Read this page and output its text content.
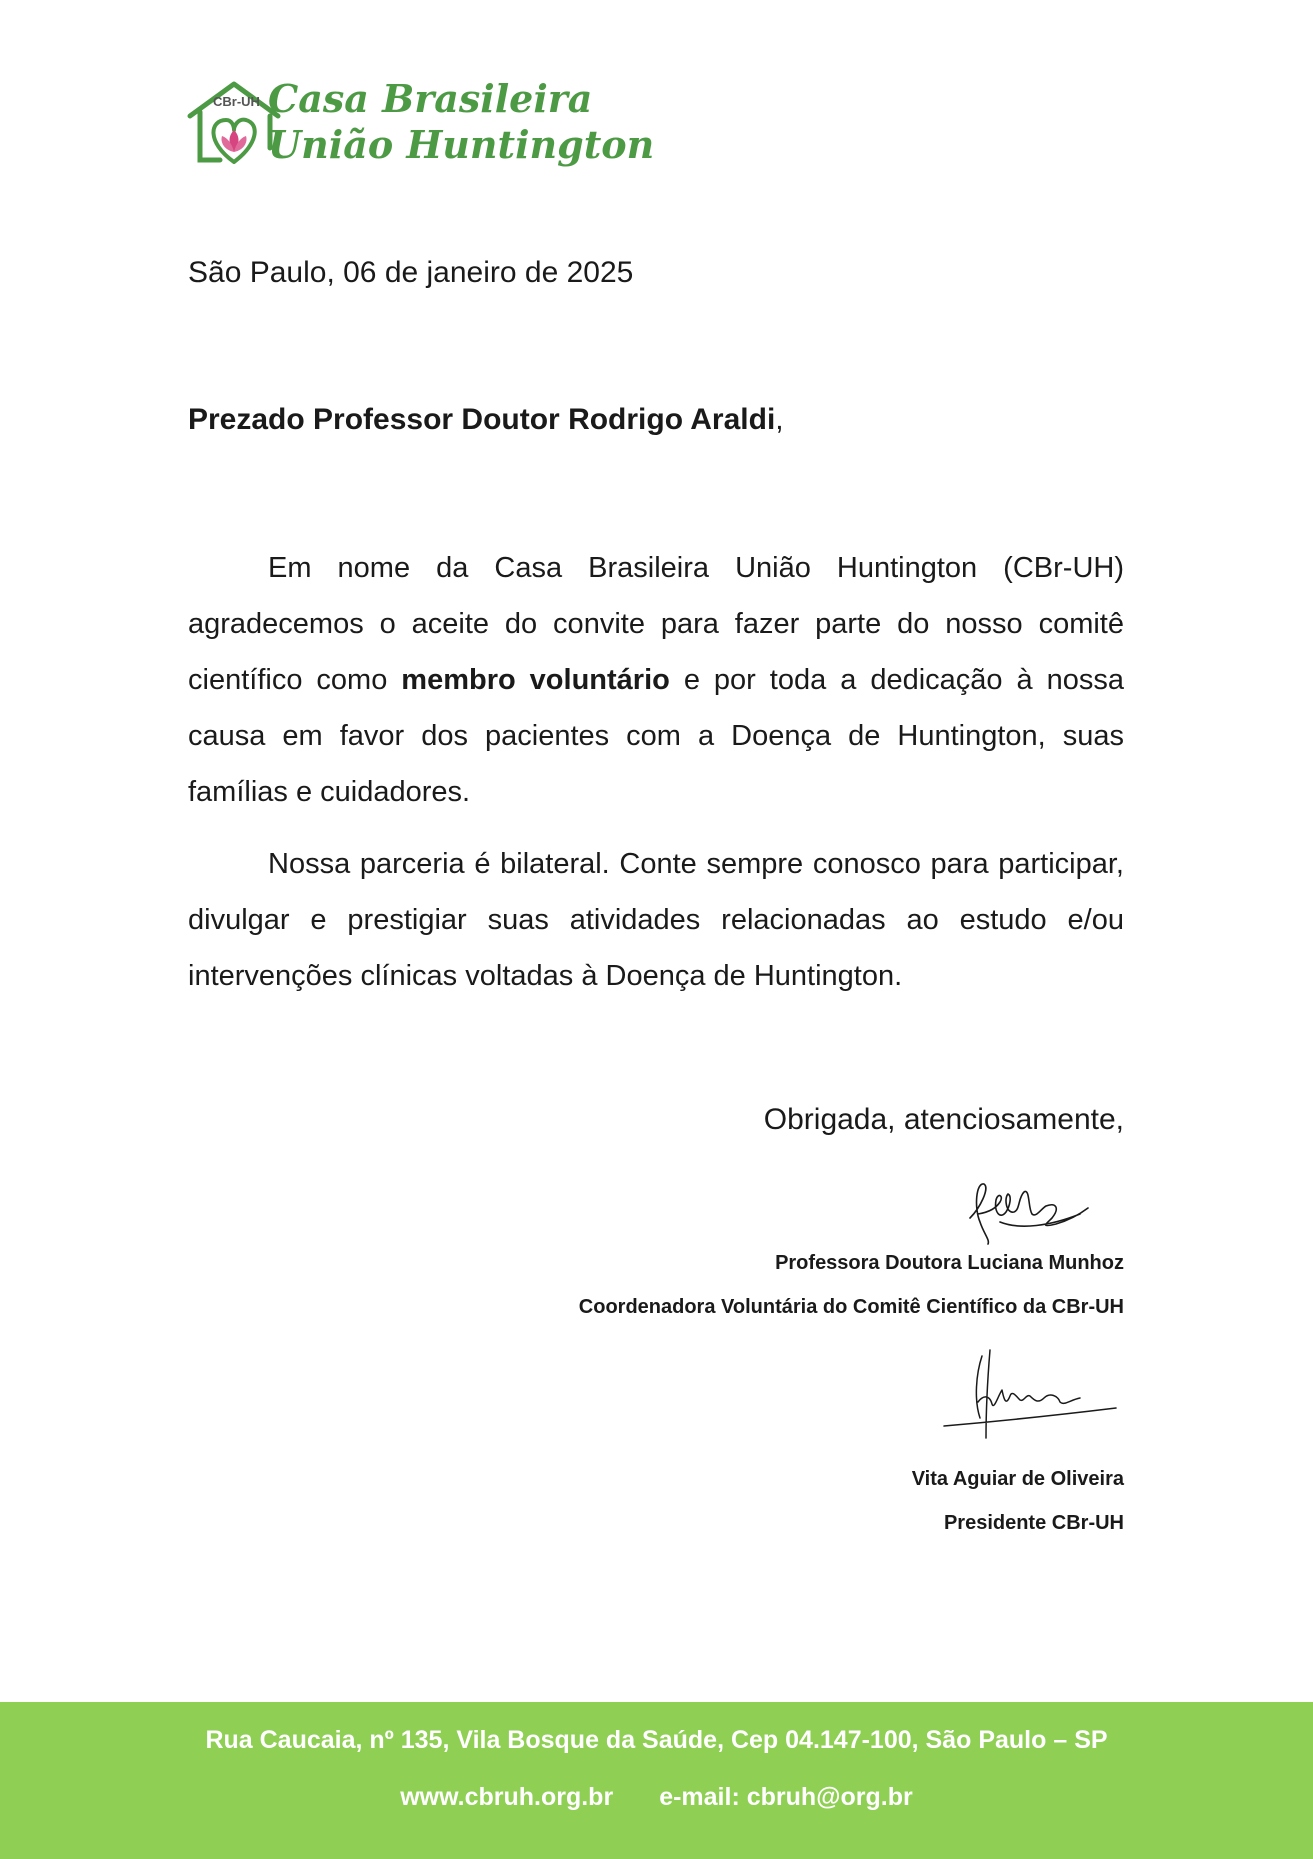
CBr-UH Casa Brasileira
União Huntington
São Paulo, 06 de janeiro de 2025
Prezado Professor Doutor Rodrigo Araldi,

Em nome da Casa Brasileira União Huntington (CBr-UH) agradecemos o aceite do convite para fazer parte do nosso comitê científico como membro voluntário e por toda a dedicação à nossa causa em favor dos pacientes com a Doença de Huntington, suas famílias e cuidadores.

Nossa parceria é bilateral. Conte sempre conosco para participar, divulgar e prestigiar suas atividades relacionadas ao estudo e/ou intervenções clínicas voltadas à Doença de Huntington.

Obrigada, atenciosamente,
Professora Doutora Luciana Munhoz
Coordenadora Voluntária do Comitê Científico da CBr-UH
Vita Aguiar de Oliveira
Presidente CBr-UH
Rua Caucaia, nº 135, Vila Bosque da Saúde, Cep 04.147-100, São Paulo – SP
www.cbruh.org.br e-mail: cbruh@org.br
